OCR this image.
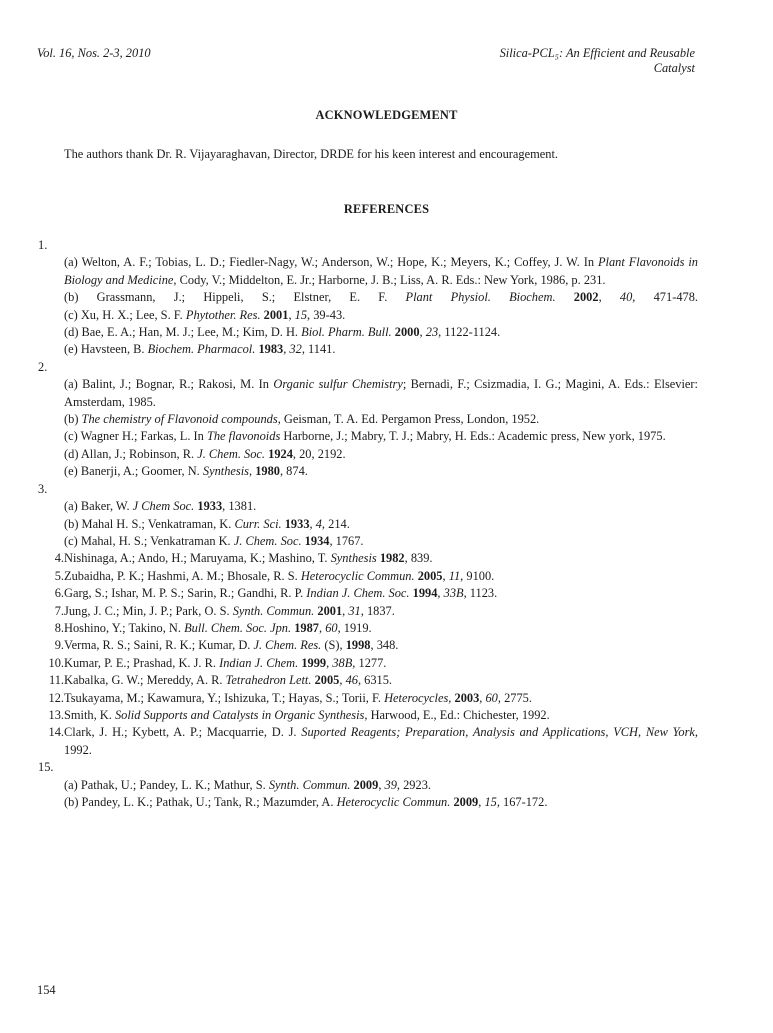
Vol. 16, Nos. 2-3, 2010	Silica-PCL₅: An Efficient and Reusable
Catalyst
ACKNOWLEDGEMENT
The authors thank Dr. R. Vijayaraghavan, Director, DRDE for his keen interest and encouragement.
REFERENCES
1.
(a) Welton, A. F.; Tobias, L. D.; Fiedler-Nagy, W.; Anderson, W.; Hope, K.; Meyers, K.; Coffey, J. W. In Plant Flavonoids in Biology and Medicine, Cody, V.; Middelton, E. Jr.; Harborne, J. B.; Liss, A. R. Eds.: New York, 1986, p. 231.
(b) Grassmann, J.; Hippeli, S.; Elstner, E. F. Plant Physiol. Biochem. 2002, 40, 471-478.
(c) Xu, H. X.; Lee, S. F. Phytother. Res. 2001, 15, 39-43.
(d) Bae, E. A.; Han, M. J.; Lee, M.; Kim, D. H. Biol. Pharm. Bull. 2000, 23, 1122-1124.
(e) Havsteen, B. Biochem. Pharmacol. 1983, 32, 1141.
2.
(a) Balint, J.; Bognar, R.; Rakosi, M. In Organic sulfur Chemistry; Bernadi, F.; Csizmadia, I. G.; Magini, A. Eds.: Elsevier: Amsterdam, 1985.
(b) The chemistry of Flavonoid compounds, Geisman, T. A. Ed. Pergamon Press, London, 1952.
(c) Wagner H.; Farkas, L. In The flavonoids Harborne, J.; Mabry, T. J.; Mabry, H. Eds.: Academic press, New york, 1975.
(d) Allan, J.; Robinson, R. J. Chem. Soc. 1924, 20, 2192.
(e) Banerji, A.; Goomer, N. Synthesis, 1980, 874.
3.
(a) Baker, W. J Chem Soc. 1933, 1381.
(b) Mahal H. S.; Venkatraman, K. Curr. Sci. 1933, 4, 214.
(c) Mahal, H. S.; Venkatraman K. J. Chem. Soc. 1934, 1767.
4.Nishinaga, A.; Ando, H.; Maruyama, K.; Mashino, T. Synthesis 1982, 839.
5.Zubaidha, P. K.; Hashmi, A. M.; Bhosale, R. S. Heterocyclic Commun. 2005, 11, 9100.
6.Garg, S.; Ishar, M. P. S.; Sarin, R.; Gandhi, R. P. Indian J. Chem. Soc. 1994, 33B, 1123.
7.Jung, J. C.; Min, J. P.; Park, O. S. Synth. Commun. 2001, 31, 1837.
8.Hoshino, Y.; Takino, N. Bull. Chem. Soc. Jpn. 1987, 60, 1919.
9.Verma, R. S.; Saini, R. K.; Kumar, D. J. Chem. Res. (S), 1998, 348.
10.Kumar, P. E.; Prashad, K. J. R. Indian J. Chem. 1999, 38B, 1277.
11.Kabalka, G. W.; Mereddy, A. R. Tetrahedron Lett. 2005, 46, 6315.
12.Tsukayama, M.; Kawamura, Y.; Ishizuka, T.; Hayas, S.; Torii, F. Heterocycles, 2003, 60, 2775.
13.Smith, K. Solid Supports and Catalysts in Organic Synthesis, Harwood, E., Ed.: Chichester, 1992.
14.Clark, J. H.; Kybett, A. P.; Macquarrie, D. J. Suported Reagents; Preparation, Analysis and Applications, VCH, New York, 1992.
15.
(a) Pathak, U.; Pandey, L. K.; Mathur, S. Synth. Commun. 2009, 39, 2923.
(b) Pandey, L. K.; Pathak, U.; Tank, R.; Mazumder, A. Heterocyclic Commun. 2009, 15, 167-172.
154
